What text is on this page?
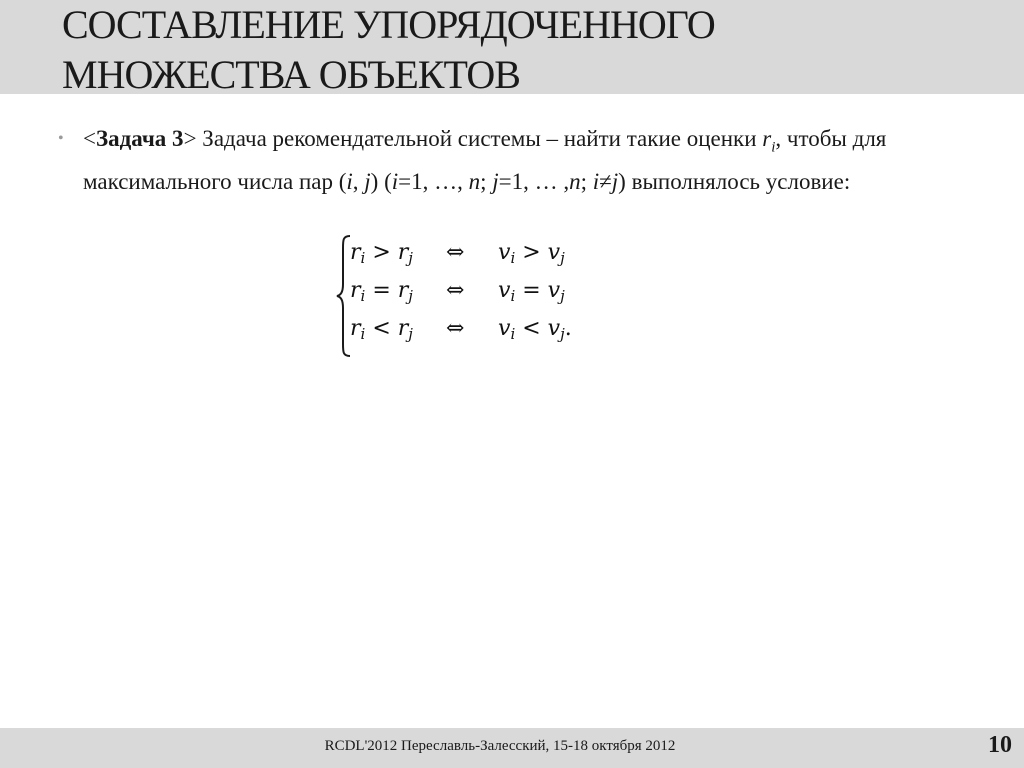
СОСТАВЛЕНИЕ УПОРЯДОЧЕННОГО
МНОЖЕСТВА ОБЪЕКТОВ
• <Задача 3> Задача рекомендательной системы – найти такие оценки $r_i$, чтобы для максимального числа пар (i, j) (i=1, …, n; j=1, … ,n; i≠j) выполнялось условие:
$r_i > r_j$ ⇔ $v_i > v_j$
$r_i = r_j$ ⇔ $v_i = v_j$
$r_i < r_j$ ⇔ $v_i < v_j$.
RCDL'2012 Переславль-Залесский, 15-18 октября 2012	10
